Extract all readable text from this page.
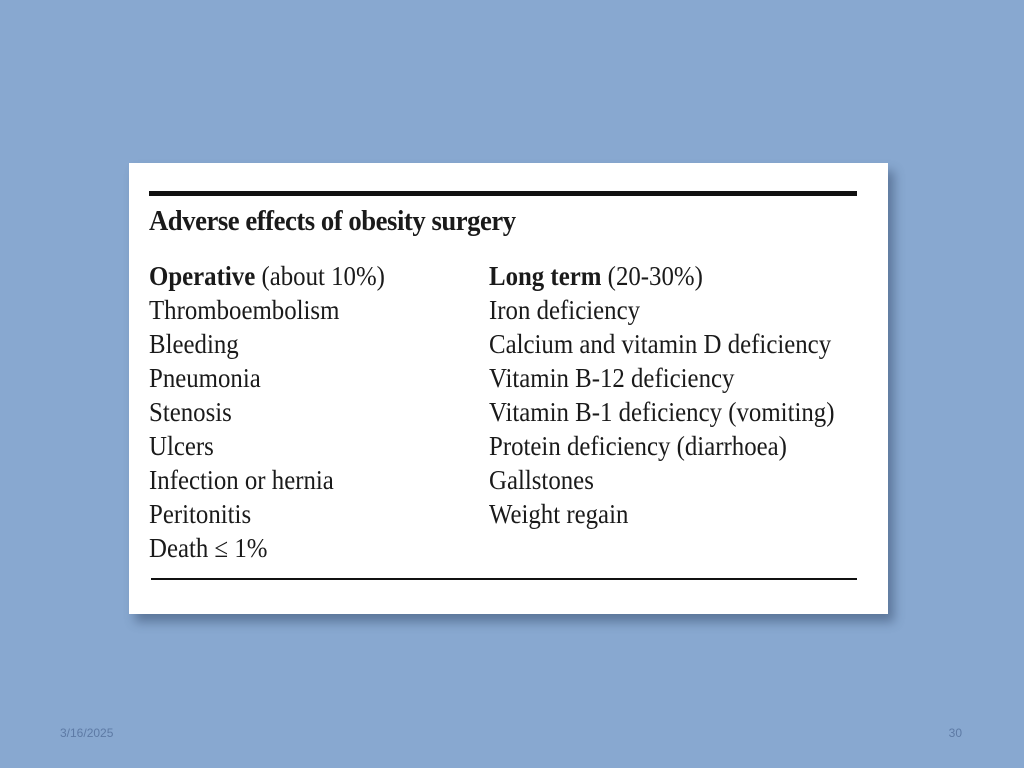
Adverse effects of obesity surgery
Operative (about 10%)
Thromboembolism
Bleeding
Pneumonia
Stenosis
Ulcers
Infection or hernia
Peritonitis
Death ≤ 1%
Long term (20-30%)
Iron deficiency
Calcium and vitamin D deficiency
Vitamin B-12 deficiency
Vitamin B-1 deficiency (vomiting)
Protein deficiency (diarrhoea)
Gallstones
Weight regain
3/16/2025	30
